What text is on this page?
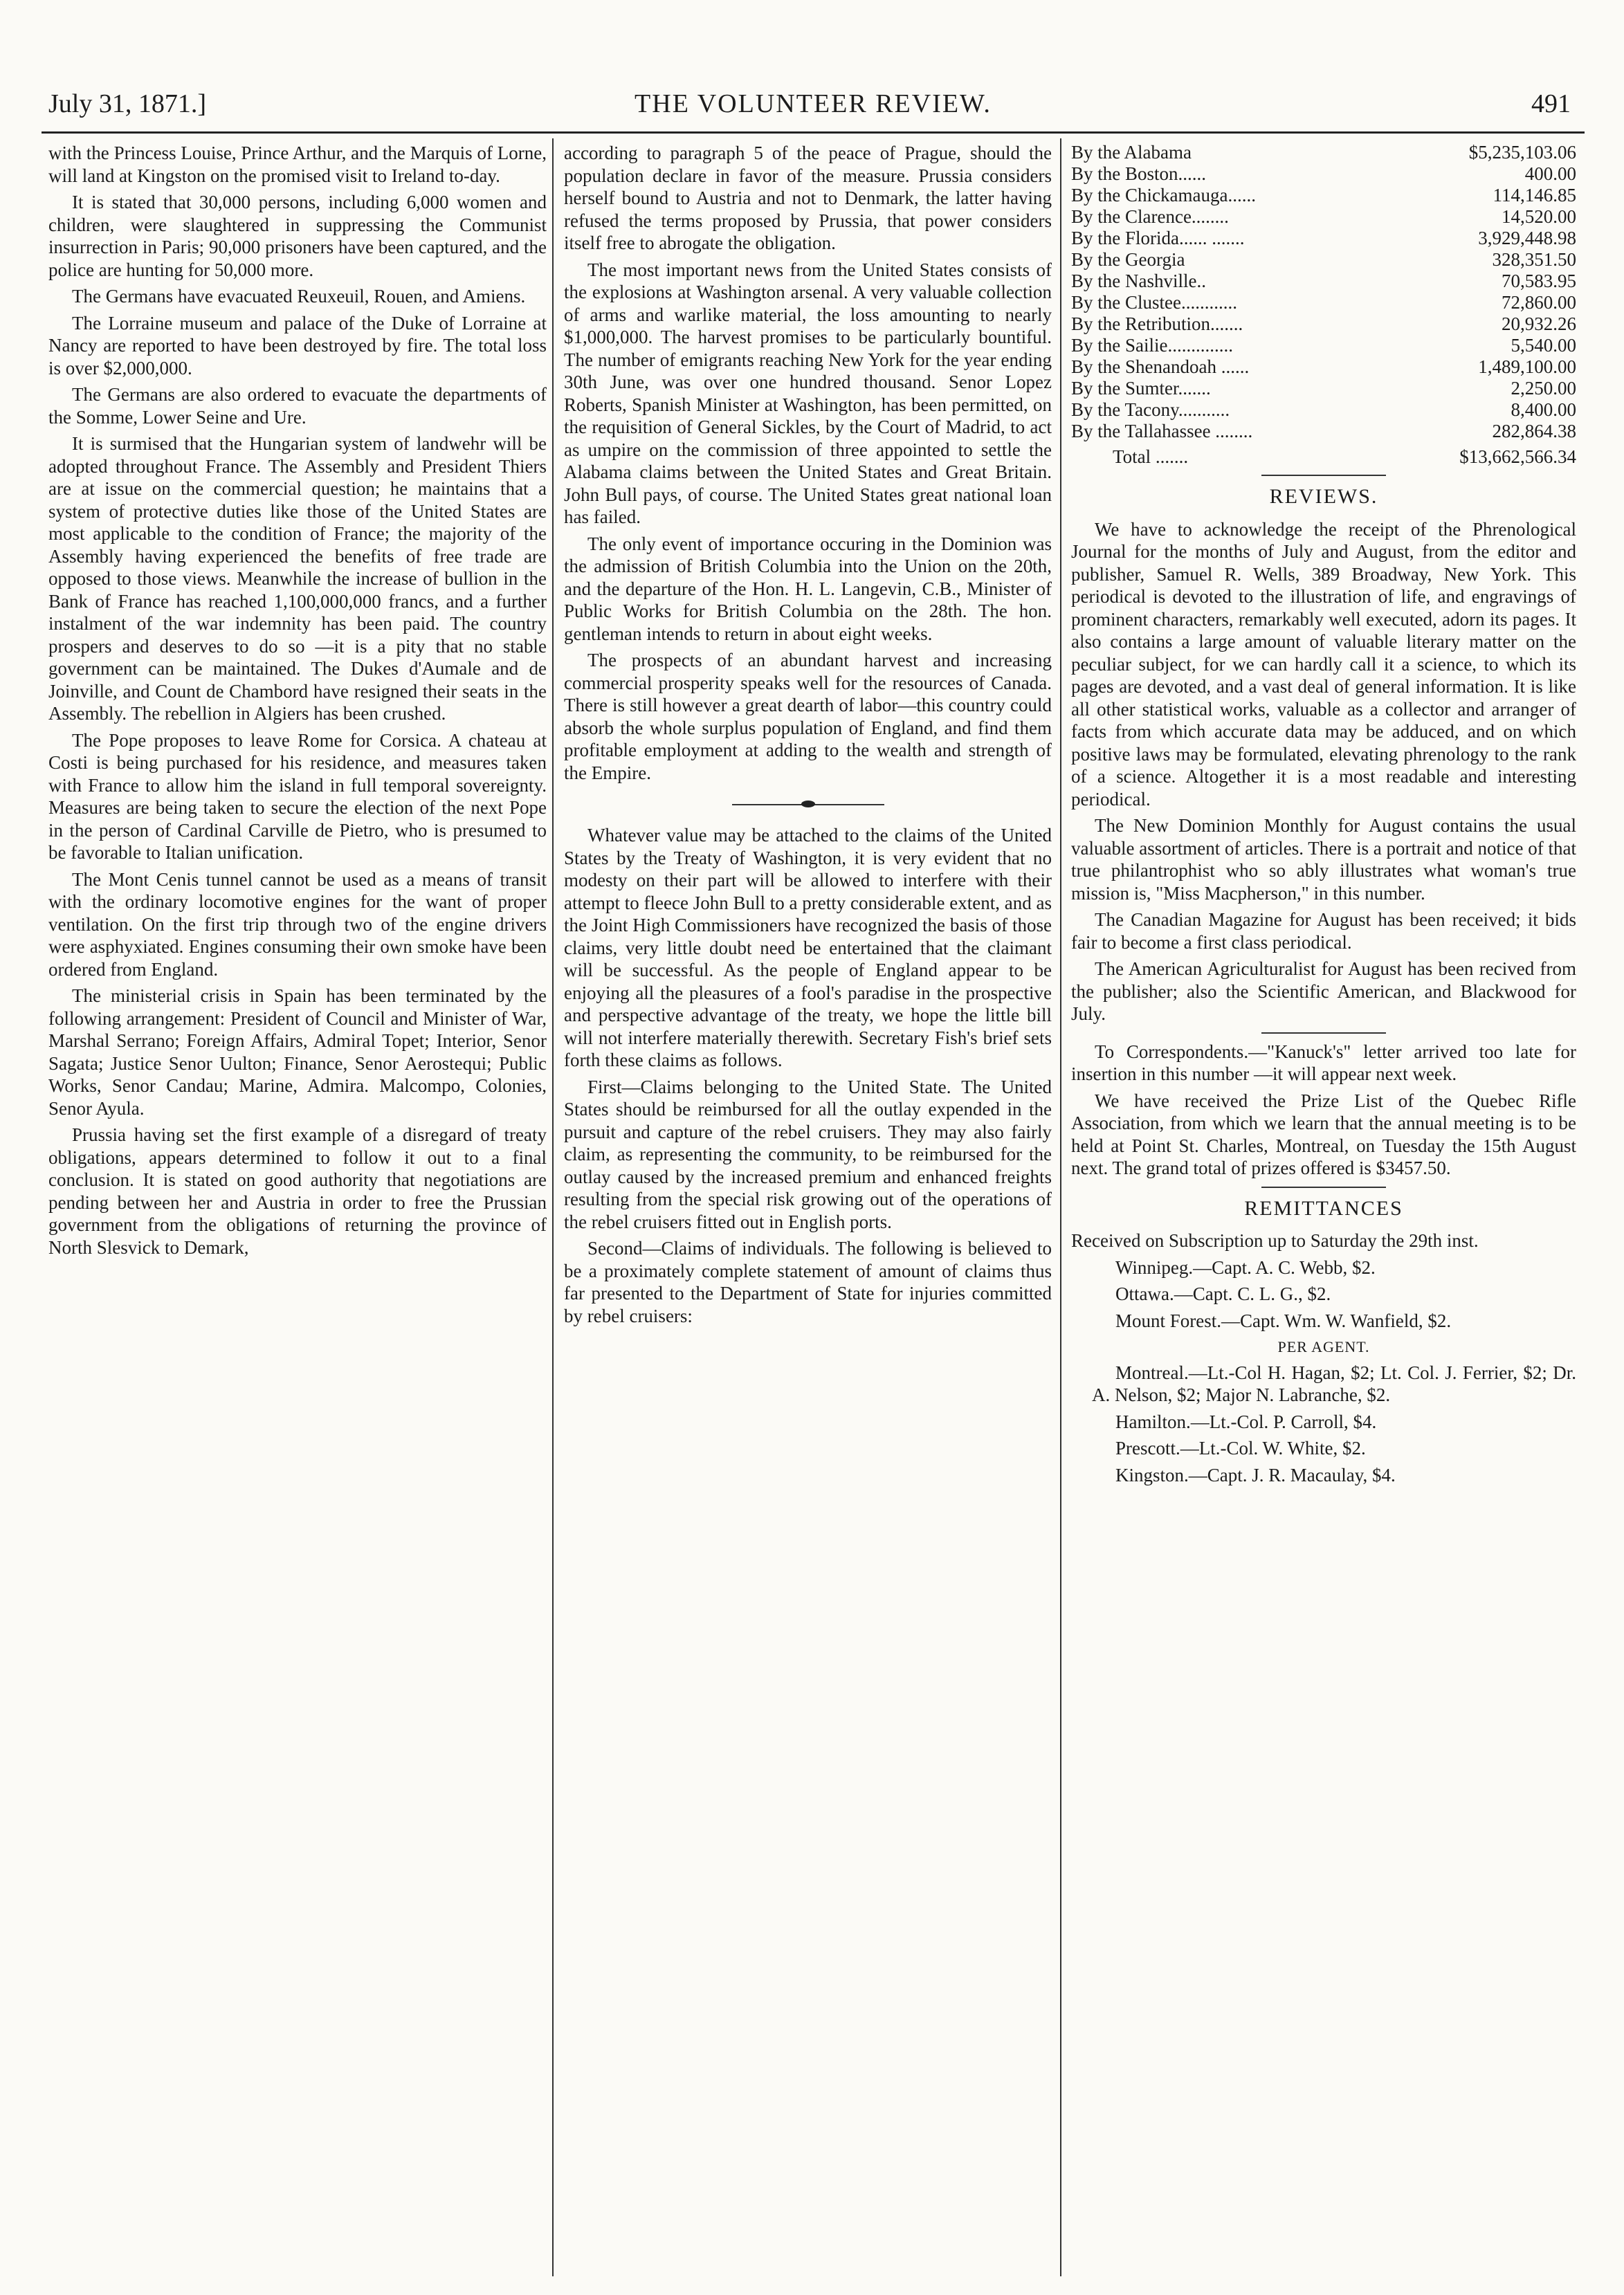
July 31, 1871.]	THE VOLUNTEER REVIEW.	491

with the Princess Louise, Prince Arthur, and the Marquis of Lorne, will land at Kingston on the promised visit to Ireland to-day.

It is stated that 30,000 persons, including 6,000 women and children, were slaughtered in suppressing the Communist insurrection in Paris; 90,000 prisoners have been captured, and the police are hunting for 50,000 more.

The Germans have evacuated Reuxeuil, Rouen, and Amiens.

The Lorraine museum and palace of the Duke of Lorraine at Nancy are reported to have been destroyed by fire. The total loss is over $2,000,000.

The Germans are also ordered to evacuate the departments of the Somme, Lower Seine and Ure.

It is surmised that the Hungarian system of landwehr will be adopted throughout France. The Assembly and President Thiers are at issue on the commercial question; he maintains that a system of protective duties like those of the United States are most applicable to the condition of France; the majority of the Assembly having experienced the benefits of free trade are opposed to those views. Meanwhile the increase of bullion in the Bank of France has reached 1,100,000,000 francs, and a further instalment of the war indemnity has been paid. The country prospers and deserves to do so —it is a pity that no stable government can be maintained. The Dukes d'Aumale and de Joinville, and Count de Chambord have resigned their seats in the Assembly. The rebellion in Algiers has been crushed.

The Pope proposes to leave Rome for Corsica. A chateau at Costi is being purchased for his residence, and measures taken with France to allow him the island in full temporal sovereignty. Measures are being taken to secure the election of the next Pope in the person of Cardinal Carville de Pietro, who is presumed to be favorable to Italian unification.

The Mont Cenis tunnel cannot be used as a means of transit with the ordinary locomotive engines for the want of proper ventilation. On the first trip through two of the engine drivers were asphyxiated. Engines consuming their own smoke have been ordered from England.

The ministerial crisis in Spain has been terminated by the following arrangement: President of Council and Minister of War, Marshal Serrano; Foreign Affairs, Admiral Topet; Interior, Senor Sagata; Justice Senor Uulton; Finance, Senor Aerostequi; Public Works, Senor Candau; Marine, Admira. Malcompo, Colonies, Senor Ayula.

Prussia having set the first example of a disregard of treaty obligations, appears determined to follow it out to a final conclusion. It is stated on good authority that negotiations are pending between her and Austria in order to free the Prussian government from the obligations of returning the province of North Slesvick to Demark,

according to paragraph 5 of the peace of Prague, should the population declare in favor of the measure. Prussia considers herself bound to Austria and not to Denmark, the latter having refused the terms proposed by Prussia, that power considers itself free to abrogate the obligation.

The most important news from the United States consists of the explosions at Washington arsenal. A very valuable collection of arms and warlike material, the loss amounting to nearly $1,000,000. The harvest promises to be particularly bountiful. The number of emigrants reaching New York for the year ending 30th June, was over one hundred thousand. Senor Lopez Roberts, Spanish Minister at Washington, has been permitted, on the requisition of General Sickles, by the Court of Madrid, to act as umpire on the commission of three appointed to settle the Alabama claims between the United States and Great Britain. John Bull pays, of course. The United States great national loan has failed.

The only event of importance occuring in the Dominion was the admission of British Columbia into the Union on the 20th, and the departure of the Hon. H. L. Langevin, C.B., Minister of Public Works for British Columbia on the 28th. The hon. gentleman intends to return in about eight weeks.

The prospects of an abundant harvest and increasing commercial prosperity speaks well for the resources of Canada. There is still however a great dearth of labor—this country could absorb the whole surplus population of England, and find them profitable employment at adding to the wealth and strength of the Empire.

Whatever value may be attached to the claims of the United States by the Treaty of Washington, it is very evident that no modesty on their part will be allowed to interfere with their attempt to fleece John Bull to a pretty considerable extent, and as the Joint High Commissioners have recognized the basis of those claims, very little doubt need be entertained that the claimant will be successful. As the people of England appear to be enjoying all the pleasures of a fool's paradise in the prospective and perspective advantage of the treaty, we hope the little bill will not interfere materially therewith. Secretary Fish's brief sets forth these claims as follows.

First—Claims belonging to the United State. The United States should be reimbursed for all the outlay expended in the pursuit and capture of the rebel cruisers. They may also fairly claim, as representing the community, to be reimbursed for the outlay caused by the increased premium and enhanced freights resulting from the special risk growing out of the operations of the rebel cruisers fitted out in English ports.

Second—Claims of individuals. The following is believed to be a proximately complete statement of amount of claims thus far presented to the Department of State for injuries committed by rebel cruisers:

By the Alabama	$5,235,103.06
By the Boston......	400.00
By the Chickamauga......	114,146.85
By the Clarence........	14,520.00
By the Florida...... .......	3,929,448.98
By the Georgia	328,351.50
By the Nashville..	70,583.95
By the Clustee............	72,860.00
By the Retribution.......	20,932.26
By the Sailie..............	5,540.00
By the Shenandoah ......	1,489,100.00
By the Sumter.......	2,250.00
By the Tacony...........	8,400.00
By the Tallahassee ........	282,864.38
Total .......	$13,662,566.34
REVIEWS.

We have to acknowledge the receipt of the Phrenological Journal for the months of July and August, from the editor and publisher, Samuel R. Wells, 389 Broadway, New York. This periodical is devoted to the illustration of life, and engravings of prominent characters, remarkably well executed, adorn its pages. It also contains a large amount of valuable literary matter on the peculiar subject, for we can hardly call it a science, to which its pages are devoted, and a vast deal of general information. It is like all other statistical works, valuable as a collector and arranger of facts from which accurate data may be adduced, and on which positive laws may be formulated, elevating phrenology to the rank of a science. Altogether it is a most readable and interesting periodical.

The New Dominion Monthly for August contains the usual valuable assortment of articles. There is a portrait and notice of that true philantrophist who so ably illustrates what woman's true mission is, "Miss Macpherson," in this number.

The Canadian Magazine for August has been received; it bids fair to become a first class periodical.

The American Agriculturalist for August has been recived from the publisher; also the Scientific American, and Blackwood for July.

To Correspondents.—"Kanuck's" letter arrived too late for insertion in this number —it will appear next week.

We have received the Prize List of the Quebec Rifle Association, from which we learn that the annual meeting is to be held at Point St. Charles, Montreal, on Tuesday the 15th August next. The grand total of prizes offered is $3457.50.

REMITTANCES

Received on Subscription up to Saturday the 29th inst.

Winnipeg.—Capt. A. C. Webb, $2.

Ottawa.—Capt. C. L. G., $2.

Mount Forest.—Capt. Wm. W. Wanfield, $2.

PER AGENT.

Montreal.—Lt.-Col H. Hagan, $2; Lt. Col. J. Ferrier, $2; Dr. A. Nelson, $2; Major N. Labranche, $2.

Hamilton.—Lt.-Col. P. Carroll, $4.

Prescott.—Lt.-Col. W. White, $2.

Kingston.—Capt. J. R. Macaulay, $4.
